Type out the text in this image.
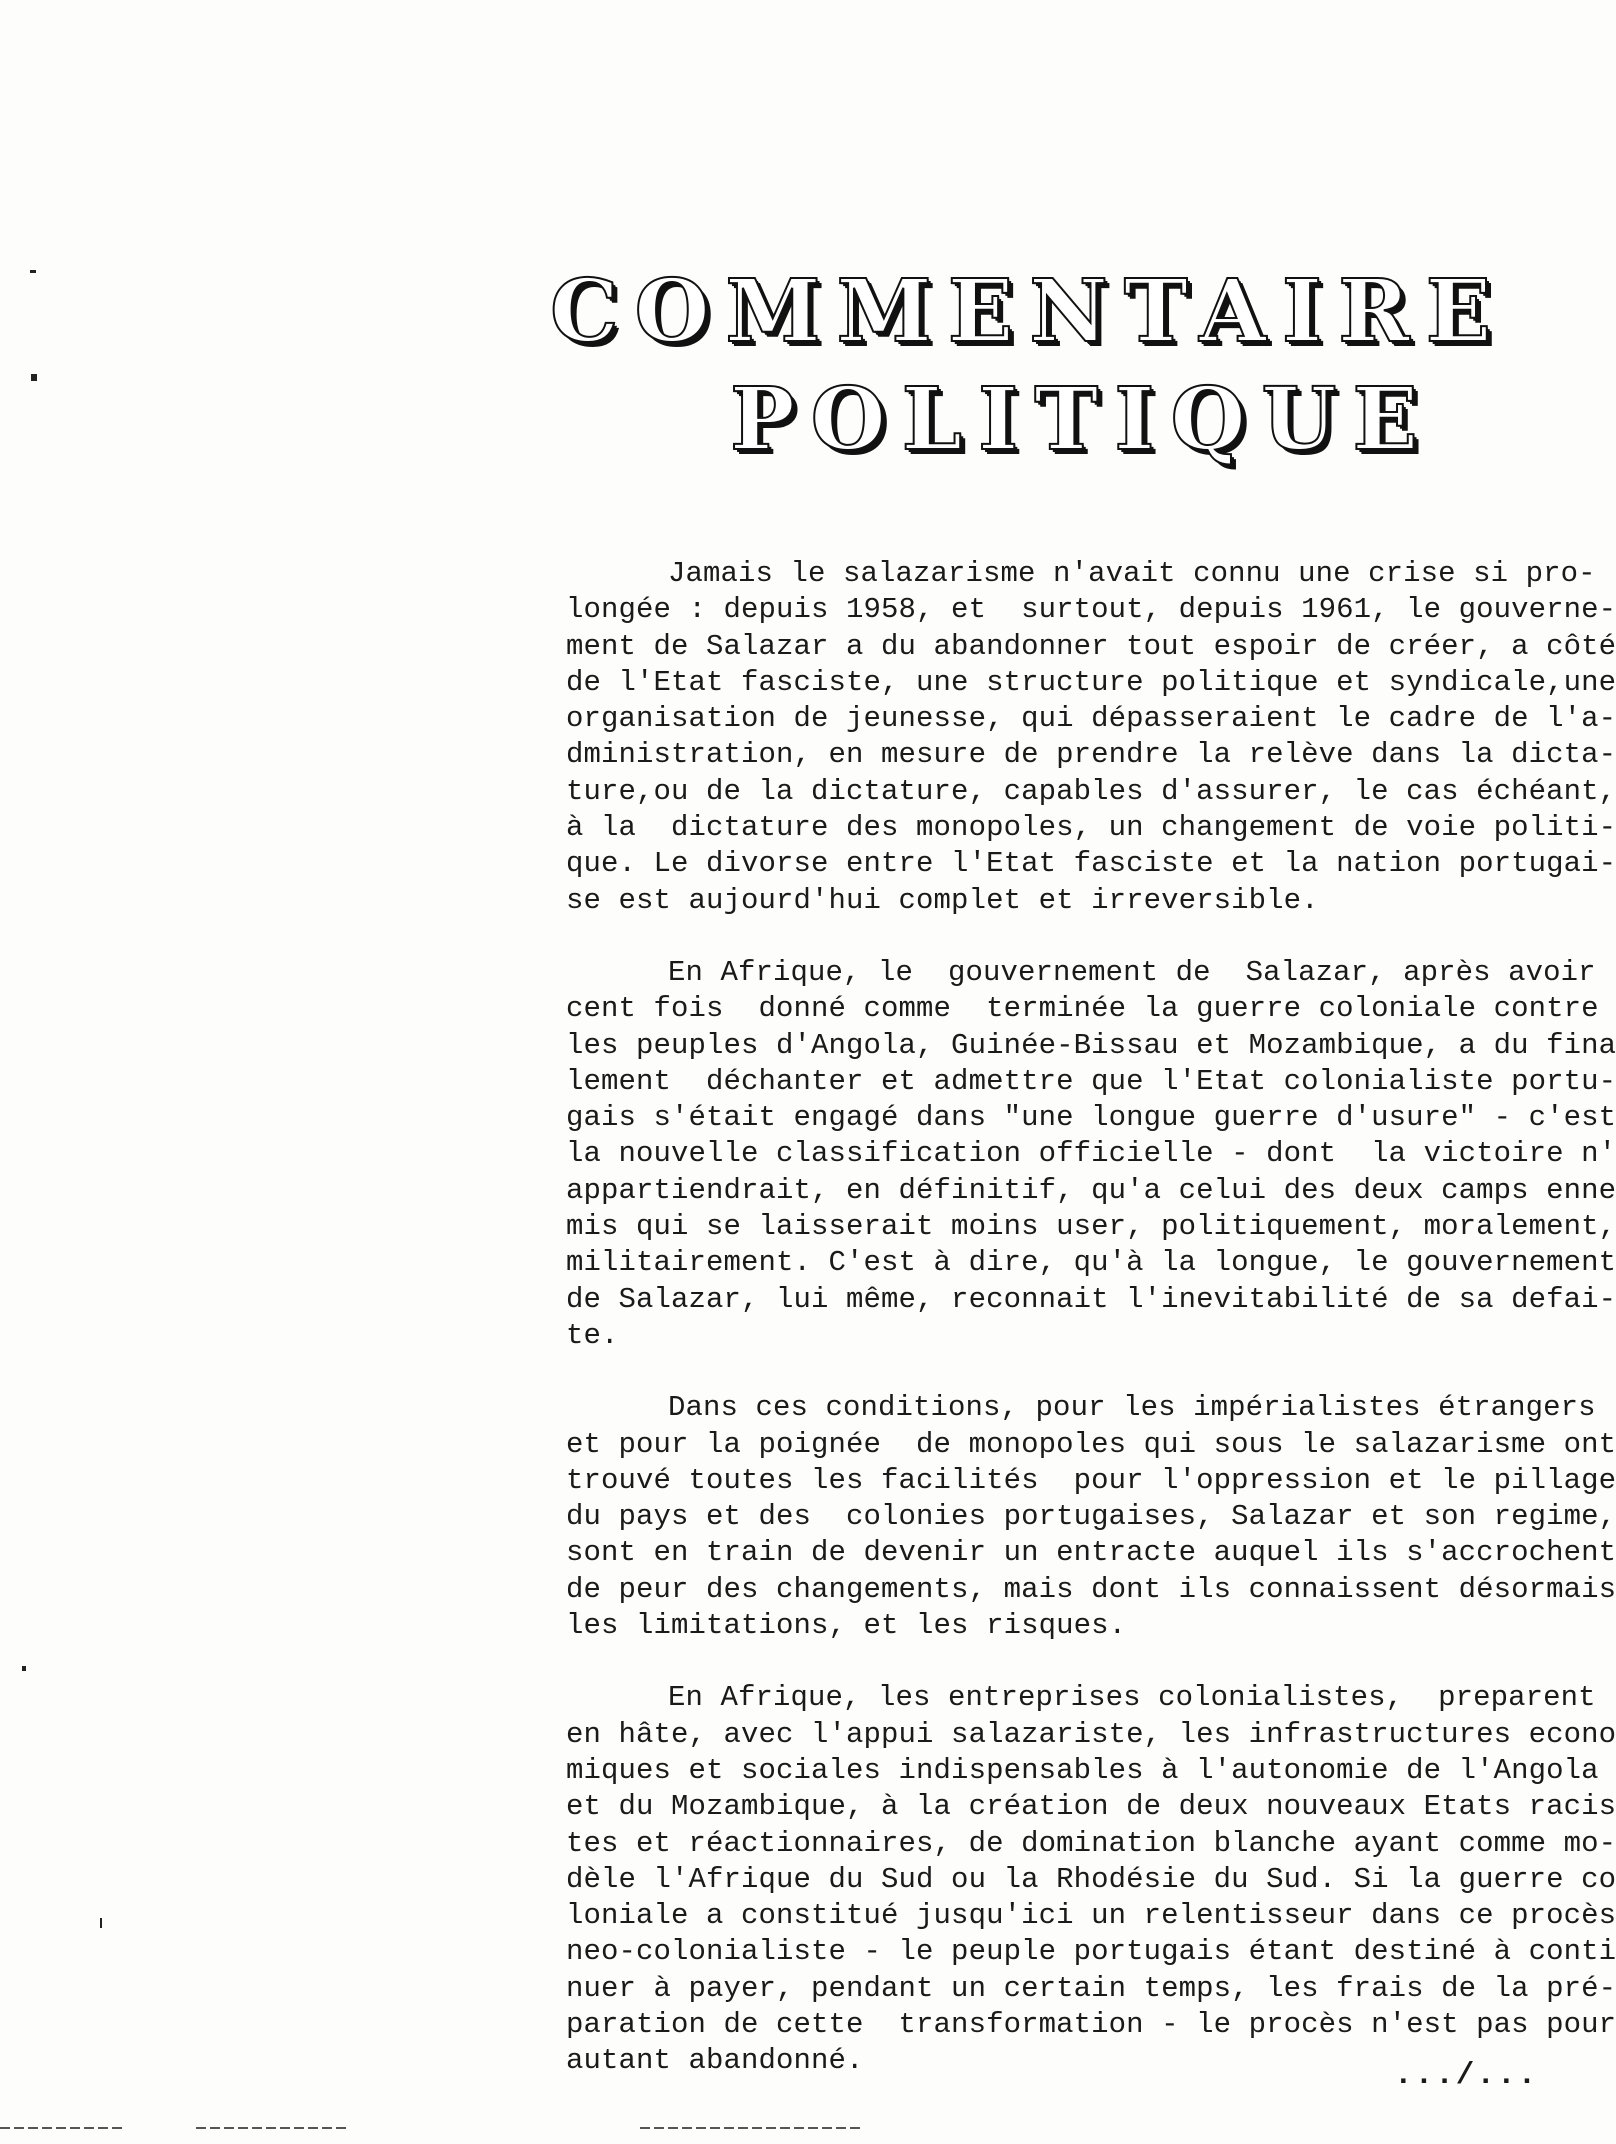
COMMENTAIRE
POLITIQUE
Jamais le salazarisme n'avait connu une crise si pro-
longée : depuis 1958, et  surtout, depuis 1961, le gouverne-
ment de Salazar a du abandonner tout espoir de créer, a côté
de l'Etat fasciste, une structure politique et syndicale,une
organisation de jeunesse, qui dépasseraient le cadre de l'a-
dministration, en mesure de prendre la relève dans la dicta-
ture,ou de la dictature, capables d'assurer, le cas échéant,
à la  dictature des monopoles, un changement de voie politi-
que. Le divorse entre l'Etat fasciste et la nation portugai-
se est aujourd'hui complet et irreversible.
En Afrique, le  gouvernement de  Salazar, après avoir
cent fois  donné comme  terminée la guerre coloniale contre
les peuples d'Angola, Guinée-Bissau et Mozambique, a du fina
lement  déchanter et admettre que l'Etat colonialiste portu-
gais s'était engagé dans "une longue guerre d'usure" - c'est
la nouvelle classification officielle - dont  la victoire n'
appartiendrait, en définitif, qu'a celui des deux camps enne
mis qui se laisserait moins user, politiquement, moralement,
militairement. C'est à dire, qu'à la longue, le gouvernement
de Salazar, lui même, reconnait l'inevitabilité de sa defai-
te.
Dans ces conditions, pour les impérialistes étrangers
et pour la poignée  de monopoles qui sous le salazarisme ont
trouvé toutes les facilités  pour l'oppression et le pillage
du pays et des  colonies portugaises, Salazar et son regime,
sont en train de devenir un entracte auquel ils s'accrochent
de peur des changements, mais dont ils connaissent désormais
les limitations, et les risques.
En Afrique, les entreprises colonialistes,  preparent
en hâte, avec l'appui salazariste, les infrastructures econo
miques et sociales indispensables à l'autonomie de l'Angola
et du Mozambique, à la création de deux nouveaux Etats racis
tes et réactionnaires, de domination blanche ayant comme mo-
dèle l'Afrique du Sud ou la Rhodésie du Sud. Si la guerre co
loniale a constitué jusqu'ici un relentisseur dans ce procès
neo-colonialiste - le peuple portugais étant destiné à conti
nuer à payer, pendant un certain temps, les frais de la pré-
paration de cette  transformation - le procès n'est pas pour
autant abandonné.	.../...
